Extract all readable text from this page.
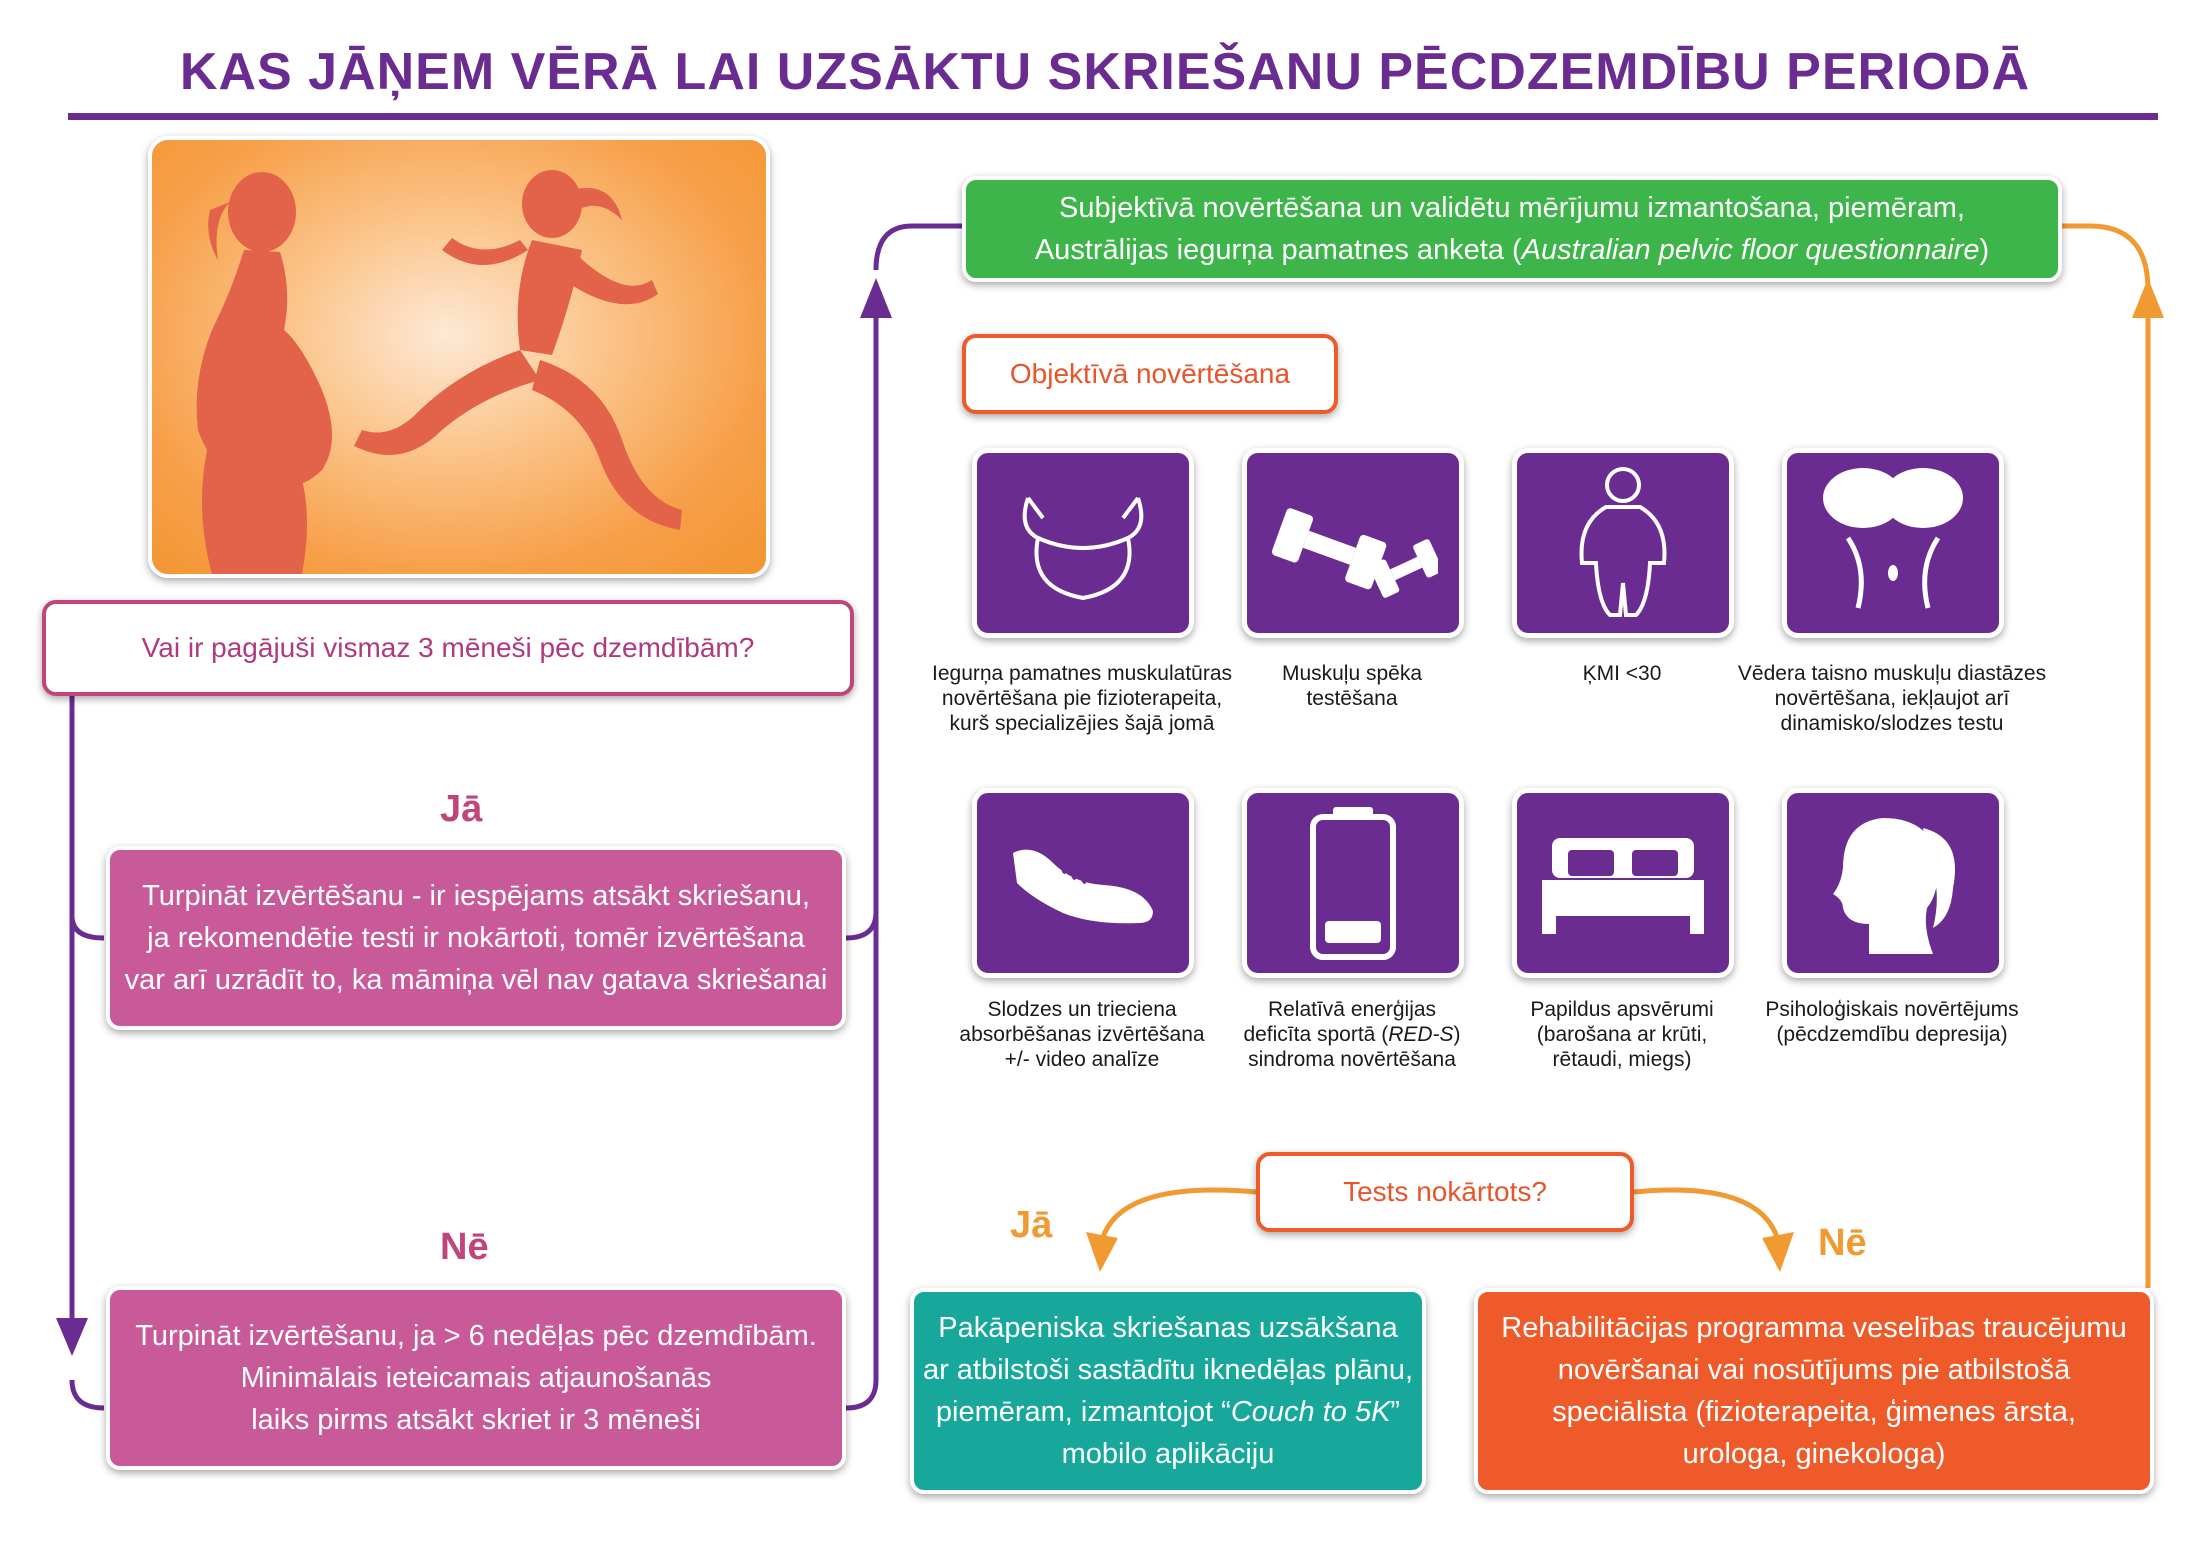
KAS JĀŅEM VĒRĀ LAI UZSĀKTU SKRIEŠANU PĒCDZEMDĪBU PERIODĀ
Vai ir pagājuši vismaz 3 mēneši pēc dzemdībām?
Jā
Turpināt izvērtēšanu - ir iespējams atsākt skriešanu,
ja rekomendētie testi ir nokārtoti, tomēr izvērtēšana
var arī uzrādīt to, ka māmiņa vēl nav gatava skriešanai
Nē
Turpināt izvērtēšanu, ja > 6 nedēļas pēc dzemdībām.
Minimālais ieteicamais atjaunošanās
laiks pirms atsākt skriet ir 3 mēneši
Subjektīvā novērtēšana un validētu mērījumu izmantošana, piemēram,
Austrālijas iegurņa pamatnes anketa (Australian pelvic floor questionnaire)
Objektīvā novērtēšana
Iegurņa pamatnes muskulatūras
novērtēšana pie fizioterapeita,
kurš specializējies šajā jomā
Muskuļu spēka
testēšana
ĶMI <30	Vēdera taisno muskuļu diastāzes
novērtēšana, iekļaujot arī
dinamisko/slodzes testu
Slodzes un trieciena
absorbēšanas izvērtēšana
+/- video analīze
Relatīvā enerģijas
deficīta sportā (RED-S)
sindroma novērtēšana
Papildus apsvērumi
(barošana ar krūti,
rētaudi, miegs)
Psiholoģiskais novērtējums
(pēcdzemdību depresija)
Tests nokārtots?
Jā	Nē
Pakāpeniska skriešanas uzsākšana
ar atbilstoši sastādītu iknedēļas plānu,
piemēram, izmantojot “Couch to 5K”
mobilo aplikāciju
Rehabilitācijas programma veselības traucējumu
novēršanai vai nosūtījums pie atbilstošā
speciālista (fizioterapeita, ģimenes ārsta,
urologa, ginekologa)
